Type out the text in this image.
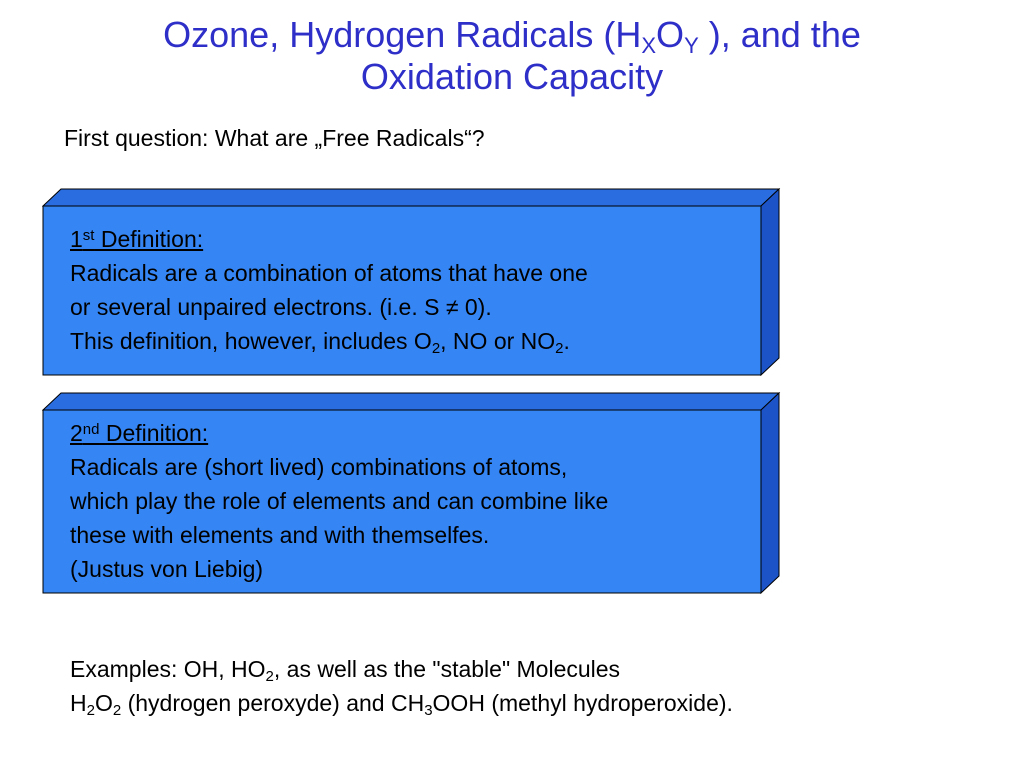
Ozone, Hydrogen Radicals ($H_XO_Y$ ), and the
Oxidation Capacity

First question: What are „Free Radicals“?

1st Definition:

Radicals are a combination of atoms that have one

or several unpaired electrons. (i.e. S ≠ 0).

This definition, however, includes $O_2$, NO or $NO_2$.

2nd Definition:

Radicals are (short lived) combinations of atoms,

which play the role of elements and can combine like

these with elements and with themselfes.

(Justus von Liebig)

Examples: OH, $HO_2$, as well as the "stable" Molecules

$H_2O_2$ (hydrogen peroxyde) and $CH_3OOH$ (methyl hydroperoxide).
